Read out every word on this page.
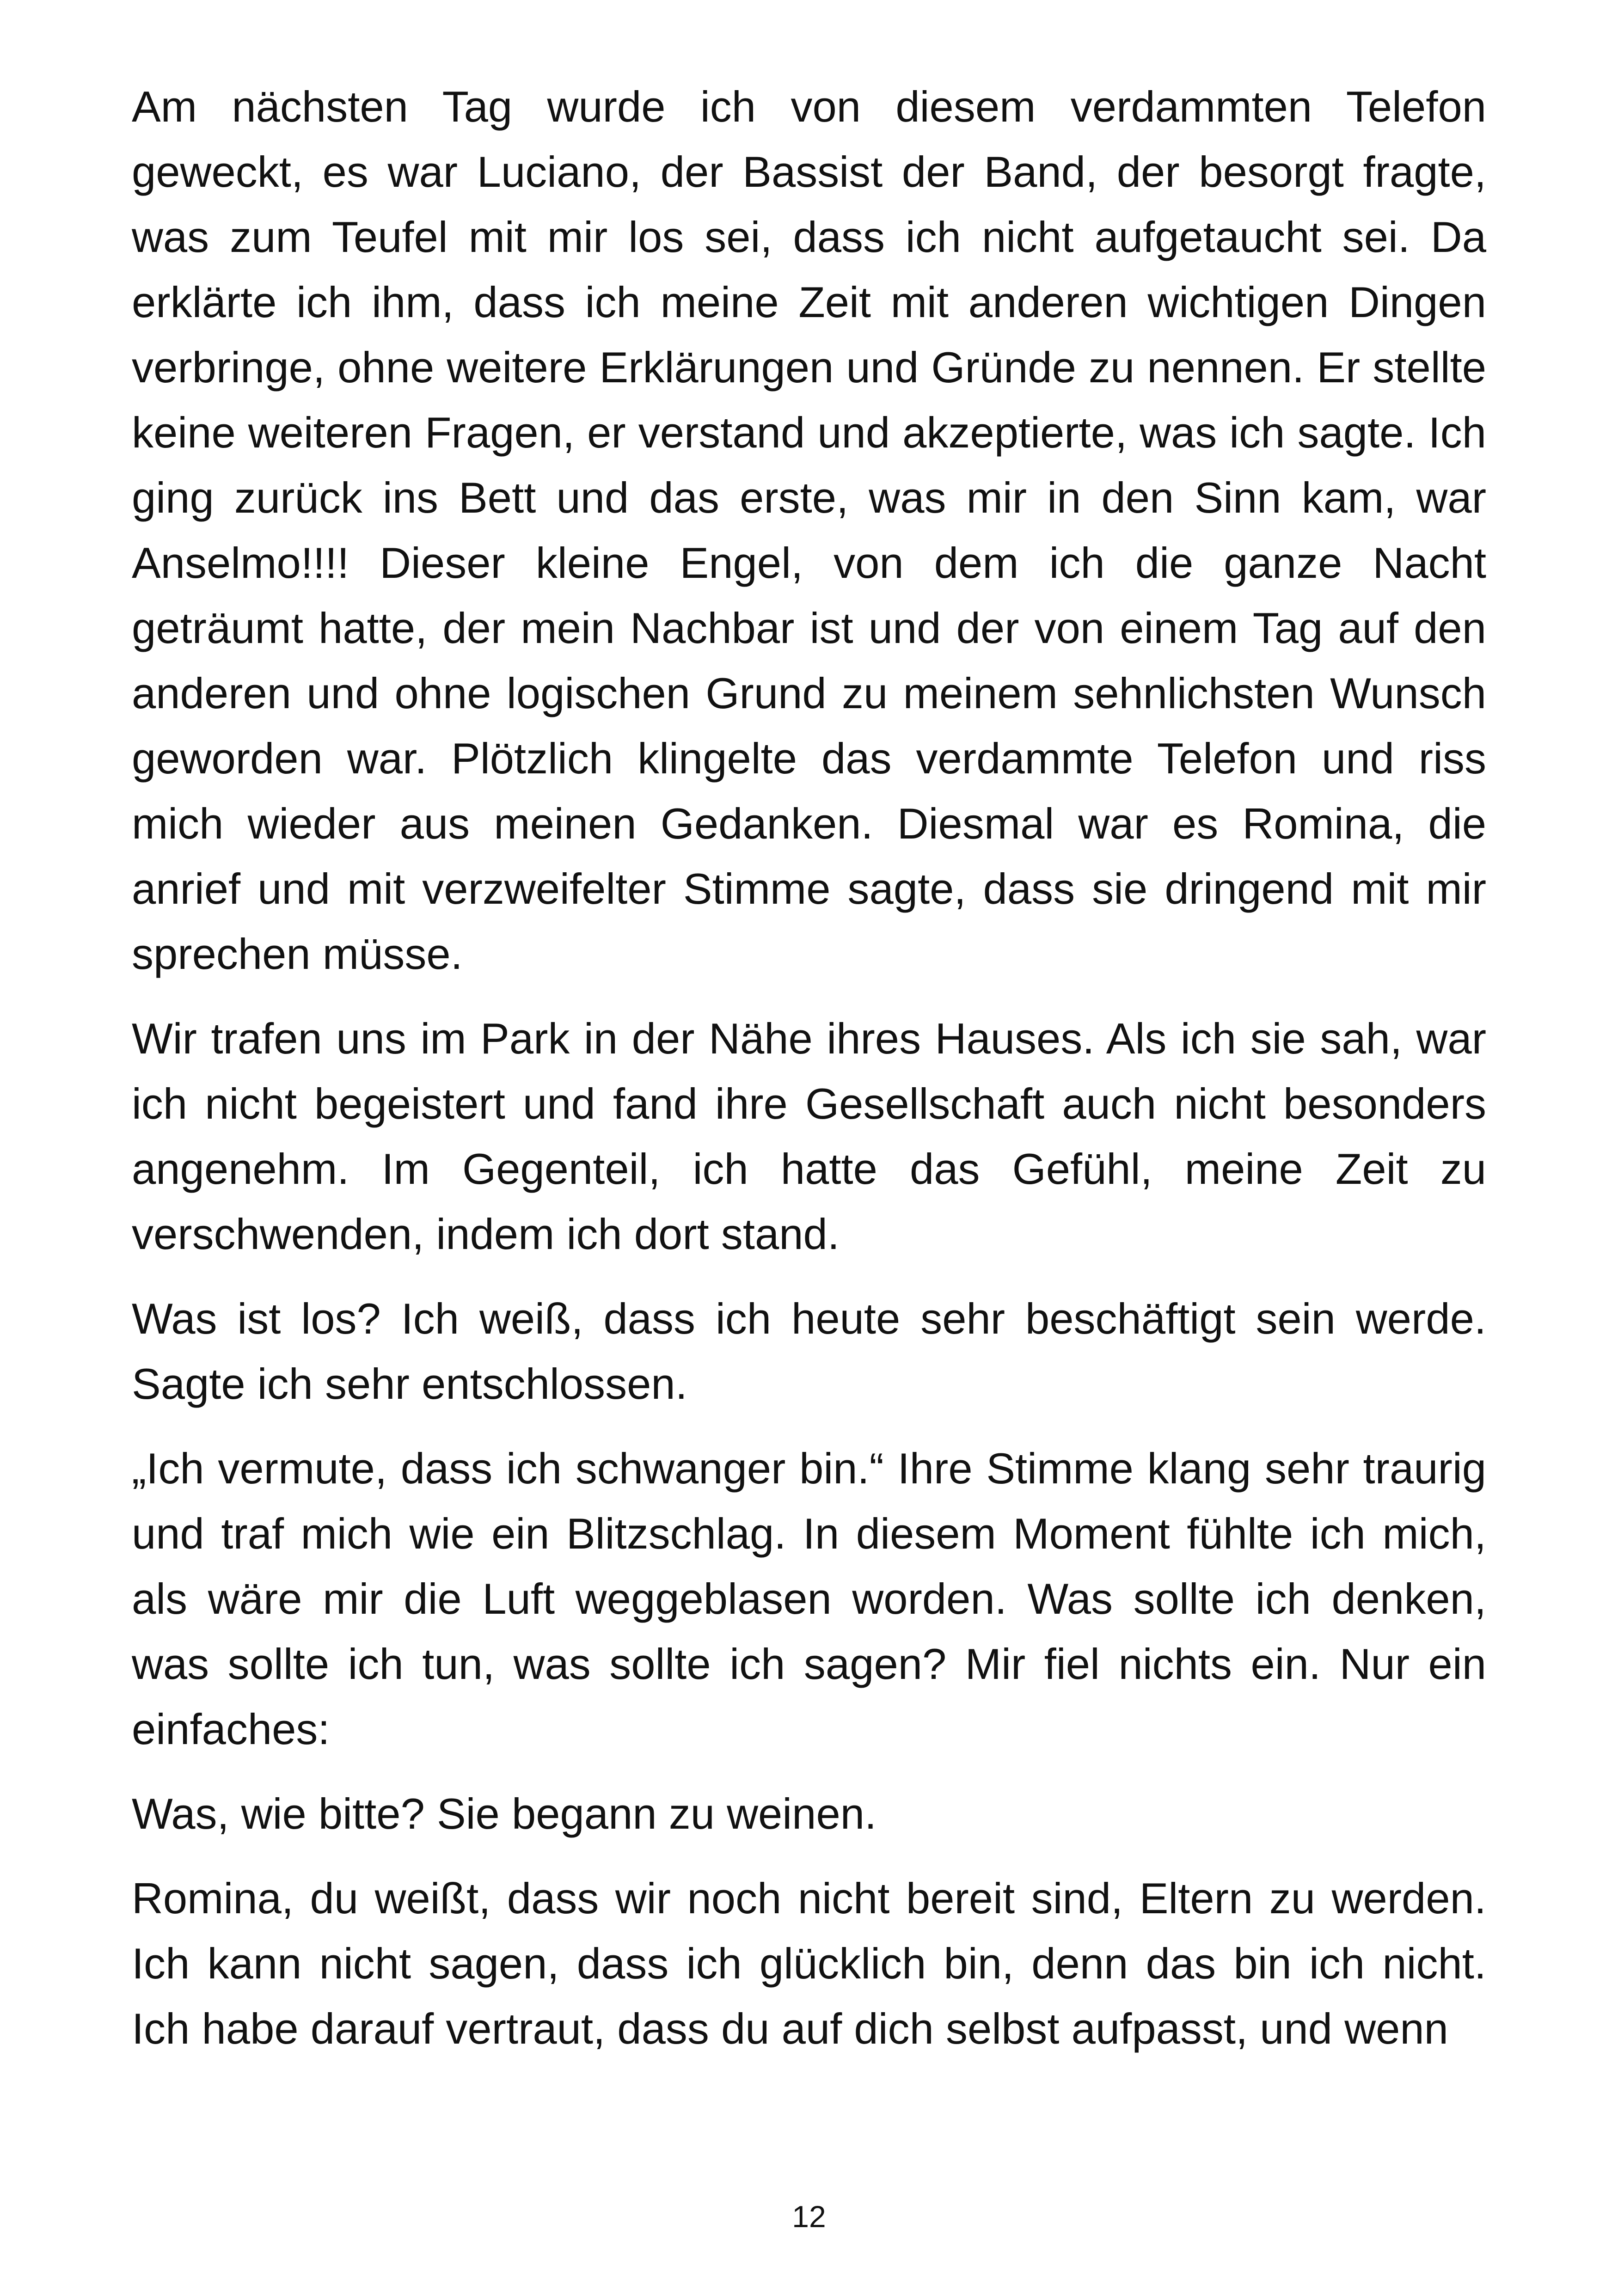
Am nächsten Tag wurde ich von diesem verdammten Telefon geweckt, es war Luciano, der Bassist der Band, der besorgt fragte, was zum Teufel mit mir los sei, dass ich nicht aufgetaucht sei. Da erklärte ich ihm, dass ich meine Zeit mit anderen wichtigen Dingen verbringe, ohne weitere Erklärungen und Gründe zu nennen. Er stellte keine weiteren Fragen, er verstand und akzeptierte, was ich sagte. Ich ging zurück ins Bett und das erste, was mir in den Sinn kam, war Anselmo!!!! Dieser kleine Engel, von dem ich die ganze Nacht geträumt hatte, der mein Nachbar ist und der von einem Tag auf den anderen und ohne logischen Grund zu meinem sehnlichsten Wunsch geworden war. Plötzlich klingelte das verdammte Telefon und riss mich wieder aus meinen Gedanken. Diesmal war es Romina, die anrief und mit verzweifelter Stimme sagte, dass sie dringend mit mir sprechen müsse.

Wir trafen uns im Park in der Nähe ihres Hauses. Als ich sie sah, war ich nicht begeistert und fand ihre Gesellschaft auch nicht besonders angenehm. Im Gegenteil, ich hatte das Gefühl, meine Zeit zu verschwenden, indem ich dort stand.

Was ist los? Ich weiß, dass ich heute sehr beschäftigt sein werde. Sagte ich sehr entschlossen.

„Ich vermute, dass ich schwanger bin.“ Ihre Stimme klang sehr traurig und traf mich wie ein Blitzschlag. In diesem Moment fühlte ich mich, als wäre mir die Luft weggeblasen worden. Was sollte ich denken, was sollte ich tun, was sollte ich sagen? Mir fiel nichts ein. Nur ein einfaches:

Was, wie bitte? Sie begann zu weinen.

Romina, du weißt, dass wir noch nicht bereit sind, Eltern zu werden. Ich kann nicht sagen, dass ich glücklich bin, denn das bin ich nicht. Ich habe darauf vertraut, dass du auf dich selbst aufpasst, und wenn

12
